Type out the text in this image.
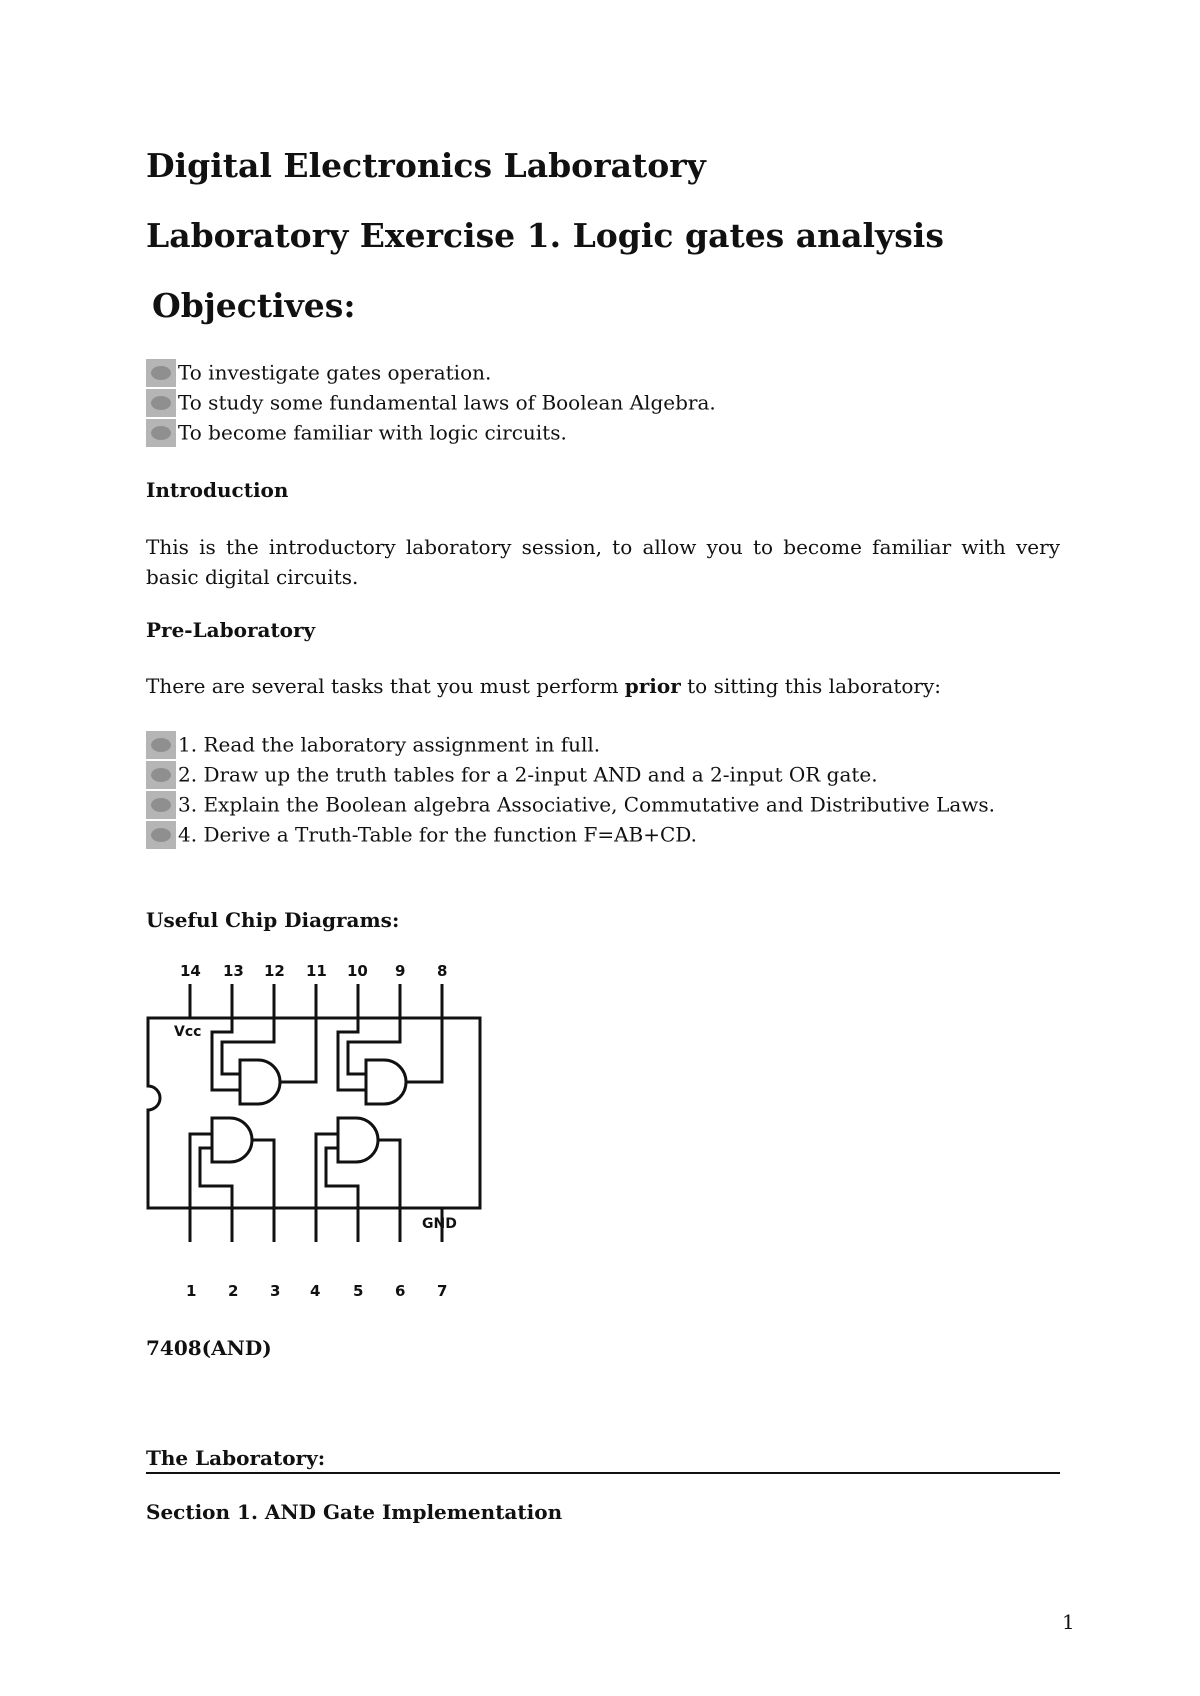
Digital Electronics Laboratory
Laboratory Exercise 1. Logic gates analysis
Objectives:
To investigate gates operation.
To study some fundamental laws of Boolean Algebra.
To become familiar with logic circuits.
Introduction
This is the introductory laboratory session, to allow you to become familiar with very basic digital circuits.
Pre-Laboratory
There are several tasks that you must perform prior to sitting this laboratory:
1. Read the laboratory assignment in full.
2. Draw up the truth tables for a 2-input AND and a 2-input OR gate.
3. Explain the Boolean algebra Associative, Commutative and Distributive Laws.
4. Derive a Truth-Table for the function F=AB+CD.
Useful Chip Diagrams:
14 13 12 11 10 9 8
1 2 3 4 5 6 7
Vcc
GND
7408(AND)
The Laboratory:
Section 1. AND Gate Implementation
1
